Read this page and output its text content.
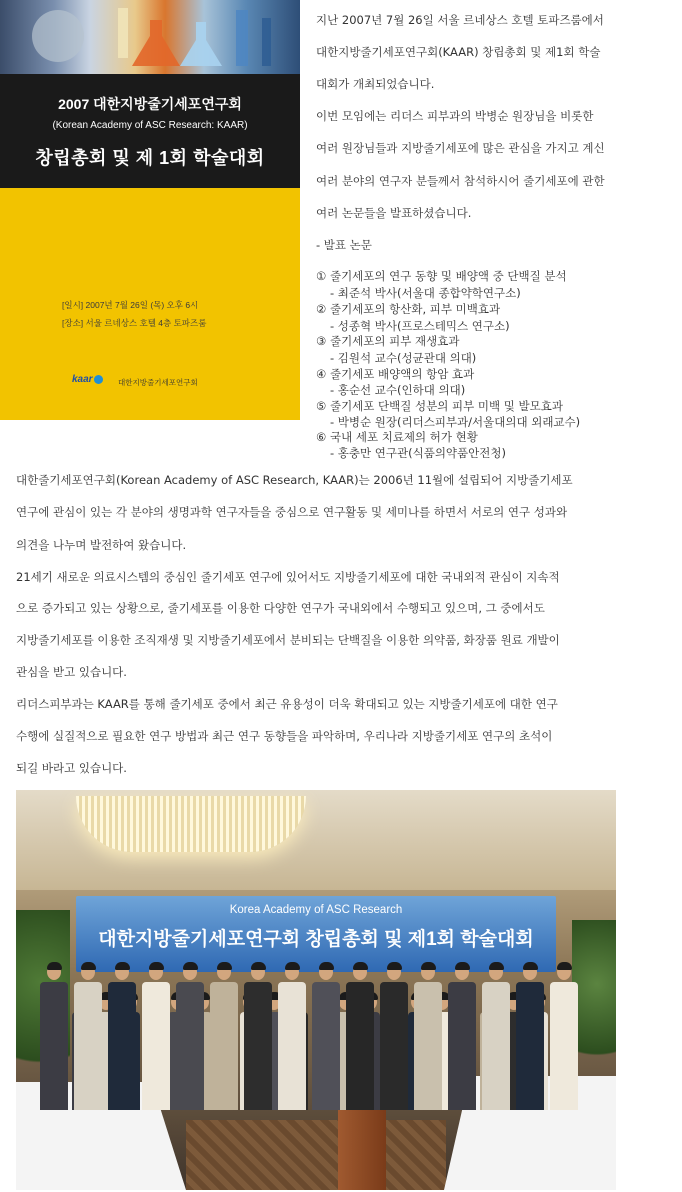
2007 대한지방줄기세포연구회
(Korean Academy of ASC Research: KAAR)
창립총회 및 제 1회 학술대회
[일시] 2007년 7월 26일 (목) 오후 6시
[장소] 서울 르네상스 호텔 4층 토파즈룸
kaar	대한지방줄기세포연구회
지난 2007년 7월 26일 서울 르네상스 호텔 토파즈룸에서
대한지방줄기세포연구회(KAAR) 창립총회 및 제1회 학술
대회가 개최되었습니다.
이번 모임에는 리더스 피부과의 박병순 원장님을 비롯한
여러 원장님들과 지방줄기세포에 많은 관심을 가지고 계신
여러 분야의 연구자 분들께서 참석하시어 줄기세포에 관한
여러 논문들을 발표하셨습니다.
- 발표 논문
① 줄기세포의 연구 동향 및 배양액 중 단백질 분석
- 최준석 박사(서울대 종합약학연구소)
② 줄기세포의 항산화, 피부 미백효과
- 성종혁 박사(프로스테믹스 연구소)
③ 줄기세포의 피부 재생효과
- 김원석 교수(성균관대 의대)
④ 줄기세포 배양액의 항암 효과
- 홍순선 교수(인하대 의대)
⑤ 줄기세포 단백질 성분의 피부 미백 및 발모효과
- 박병순 원장(리더스피부과/서울대의대 외래교수)
⑥ 국내 세포 치료제의 허가 현황
- 홍충만 연구관(식품의약품안전청)
대한줄기세포연구회(Korean Academy of ASC Research, KAAR)는 2006년 11월에 설립되어 지방줄기세포
연구에 관심이 있는 각 분야의 생명과학 연구자들을 중심으로 연구활동 및 세미나를 하면서 서로의 연구 성과와
의견을 나누며 발전하여 왔습니다.
21세기 새로운 의료시스템의 중심인 줄기세포 연구에 있어서도 지방줄기세포에 대한 국내외적 관심이 지속적
으로 증가되고 있는 상황으로, 줄기세포를 이용한 다양한 연구가 국내외에서 수행되고 있으며, 그 중에서도
지방줄기세포를 이용한 조직재생 및 지방줄기세포에서 분비되는 단백질을 이용한 의약품, 화장품 원료 개발이
관심을 받고 있습니다.
리더스피부과는 KAAR를 통해 줄기세포 중에서 최근 유용성이 더욱 확대되고 있는 지방줄기세포에 대한 연구
수행에 실질적으로 필요한 연구 방법과 최근 연구 동향들을 파악하며, 우리나라 지방줄기세포 연구의 초석이
되길 바라고 있습니다.
Korea Academy of ASC Research
대한지방줄기세포연구회 창립총회 및 제1회 학술대회
